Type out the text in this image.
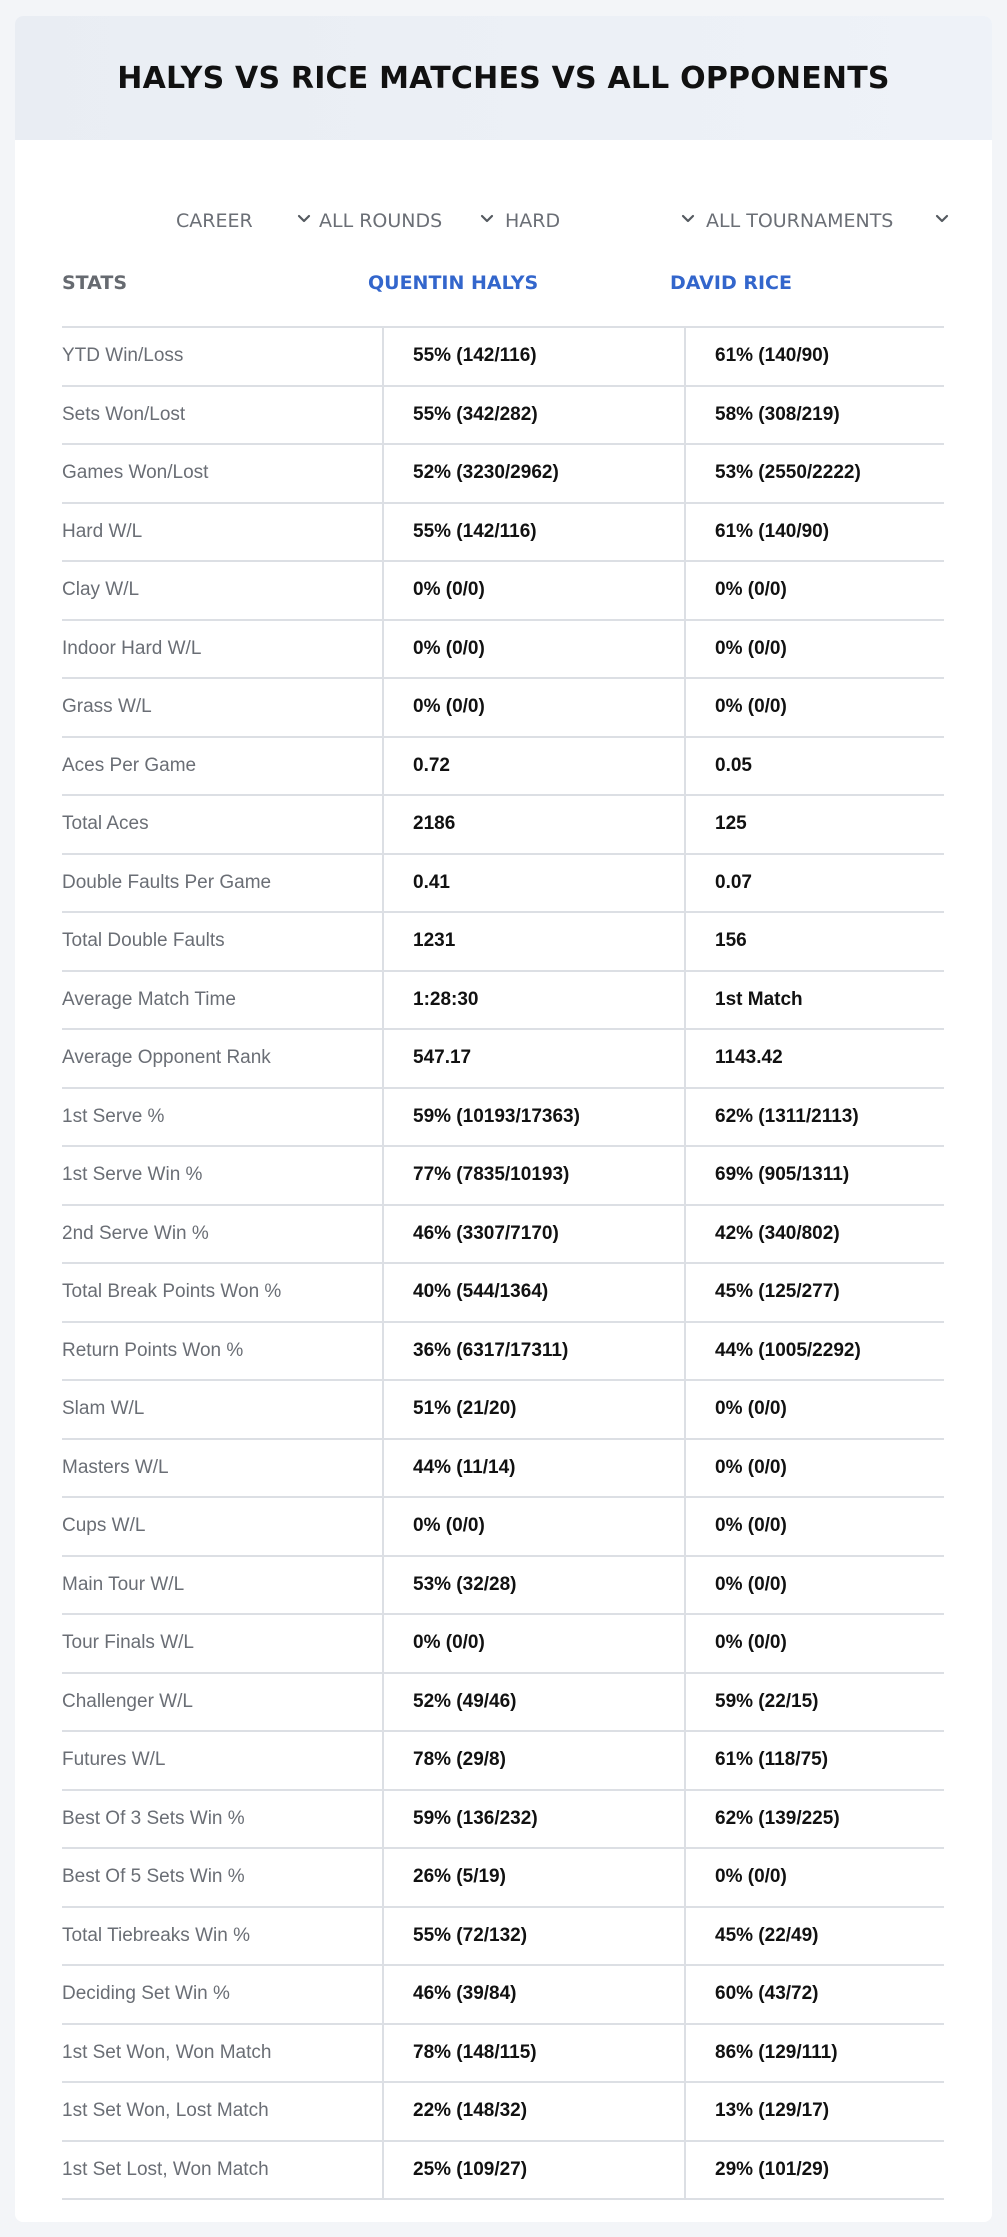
HALYS VS RICE MATCHES VS ALL OPPONENTS
CAREER	ALL ROUNDS	HARD	ALL TOURNAMENTS
STATS	QUENTIN HALYS	DAVID RICE
YTD Win/Loss	55% (142/116)	61% (140/90)
Sets Won/Lost	55% (342/282)	58% (308/219)
Games Won/Lost	52% (3230/2962)	53% (2550/2222)
Hard W/L	55% (142/116)	61% (140/90)
Clay W/L	0% (0/0)	0% (0/0)
Indoor Hard W/L	0% (0/0)	0% (0/0)
Grass W/L	0% (0/0)	0% (0/0)
Aces Per Game	0.72	0.05
Total Aces	2186	125
Double Faults Per Game	0.41	0.07
Total Double Faults	1231	156
Average Match Time	1:28:30	1st Match
Average Opponent Rank	547.17	1143.42
1st Serve %	59% (10193/17363)	62% (1311/2113)
1st Serve Win %	77% (7835/10193)	69% (905/1311)
2nd Serve Win %	46% (3307/7170)	42% (340/802)
Total Break Points Won %	40% (544/1364)	45% (125/277)
Return Points Won %	36% (6317/17311)	44% (1005/2292)
Slam W/L	51% (21/20)	0% (0/0)
Masters W/L	44% (11/14)	0% (0/0)
Cups W/L	0% (0/0)	0% (0/0)
Main Tour W/L	53% (32/28)	0% (0/0)
Tour Finals W/L	0% (0/0)	0% (0/0)
Challenger W/L	52% (49/46)	59% (22/15)
Futures W/L	78% (29/8)	61% (118/75)
Best Of 3 Sets Win %	59% (136/232)	62% (139/225)
Best Of 5 Sets Win %	26% (5/19)	0% (0/0)
Total Tiebreaks Win %	55% (72/132)	45% (22/49)
Deciding Set Win %	46% (39/84)	60% (43/72)
1st Set Won, Won Match	78% (148/115)	86% (129/111)
1st Set Won, Lost Match	22% (148/32)	13% (129/17)
1st Set Lost, Won Match	25% (109/27)	29% (101/29)
